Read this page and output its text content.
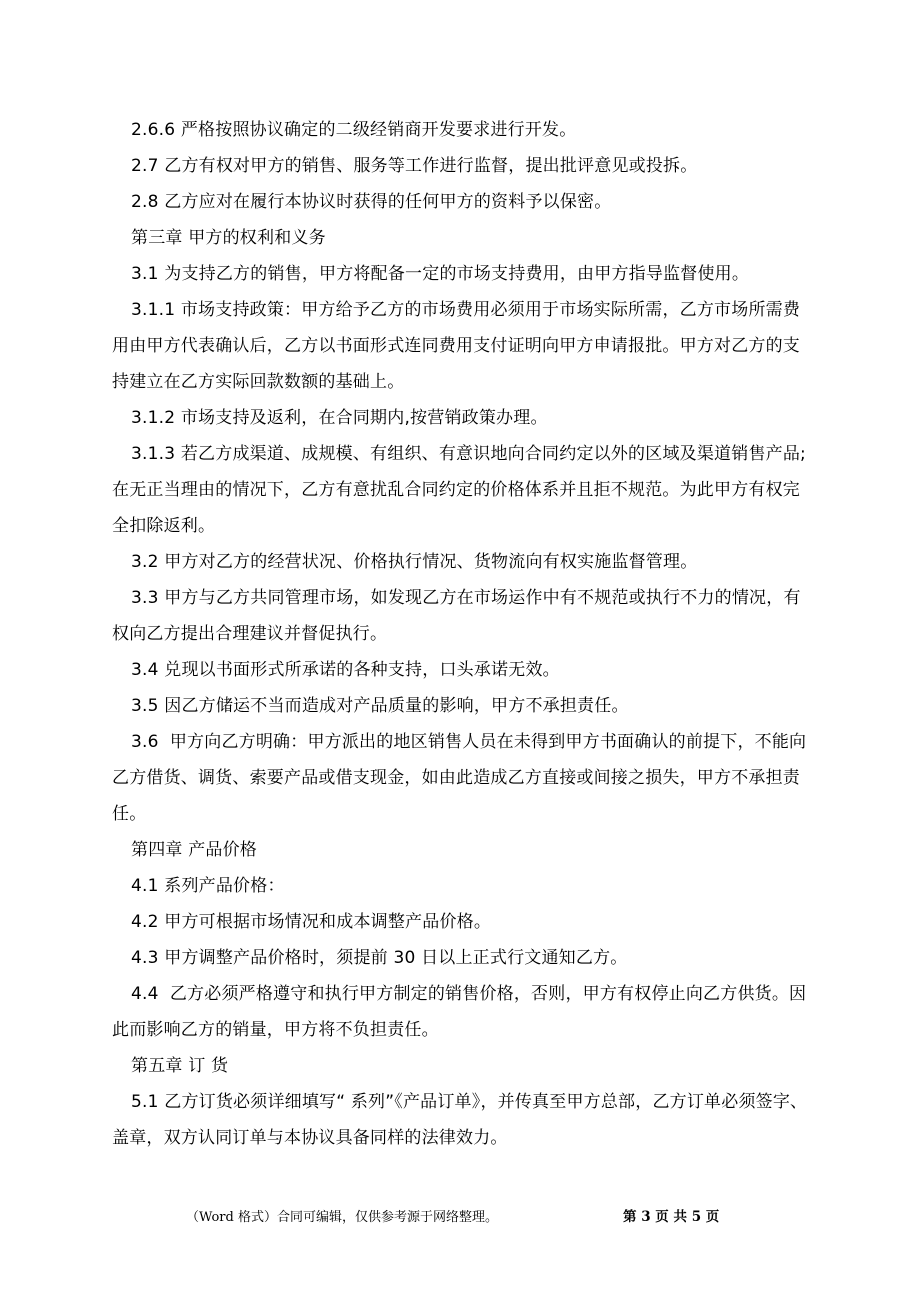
2.6.6 严格按照协议确定的二级经销商开发要求进行开发。

2.7 乙方有权对甲方的销售、服务等工作进行监督，提出批评意见或投拆。

2.8 乙方应对在履行本协议时获得的任何甲方的资料予以保密。

第三章 甲方的权利和义务

3.1 为支持乙方的销售，甲方将配备一定的市场支持费用，由甲方指导监督使用。

3.1.1 市场支持政策：甲方给予乙方的市场费用必须用于市场实际所需，乙方市场所需费用由甲方代表确认后，乙方以书面形式连同费用支付证明向甲方申请报批。甲方对乙方的支持建立在乙方实际回款数额的基础上。

3.1.2 市场支持及返利，在合同期内,按营销政策办理。

3.1.3 若乙方成渠道、成规模、有组织、有意识地向合同约定以外的区域及渠道销售产品;在无正当理由的情况下，乙方有意扰乱合同约定的价格体系并且拒不规范。为此甲方有权完全扣除返利。

3.2 甲方对乙方的经营状况、价格执行情况、货物流向有权实施监督管理。

3.3 甲方与乙方共同管理市场，如发现乙方在市场运作中有不规范或执行不力的情况，有权向乙方提出合理建议并督促执行。

3.4 兑现以书面形式所承诺的各种支持，口头承诺无效。

3.5 因乙方储运不当而造成对产品质量的影响，甲方不承担责任。

3.6  甲方向乙方明确：甲方派出的地区销售人员在未得到甲方书面确认的前提下，不能向乙方借货、调货、索要产品或借支现金，如由此造成乙方直接或间接之损失，甲方不承担责任。

第四章 产品价格

4.1 系列产品价格：

4.2 甲方可根据市场情况和成本调整产品价格。

4.3 甲方调整产品价格时，须提前 30 日以上正式行文通知乙方。

4.4  乙方必须严格遵守和执行甲方制定的销售价格，否则，甲方有权停止向乙方供货。因此而影响乙方的销量，甲方将不负担责任。

第五章 订 货

5.1 乙方订货必须详细填写“ 系列”《产品订单》，并传真至甲方总部，乙方订单必须签字、盖章，双方认同订单与本协议具备同样的法律效力。

（Word 格式）合同可编辑，仅供参考源于网络整理。	第 3 页 共 5 页
